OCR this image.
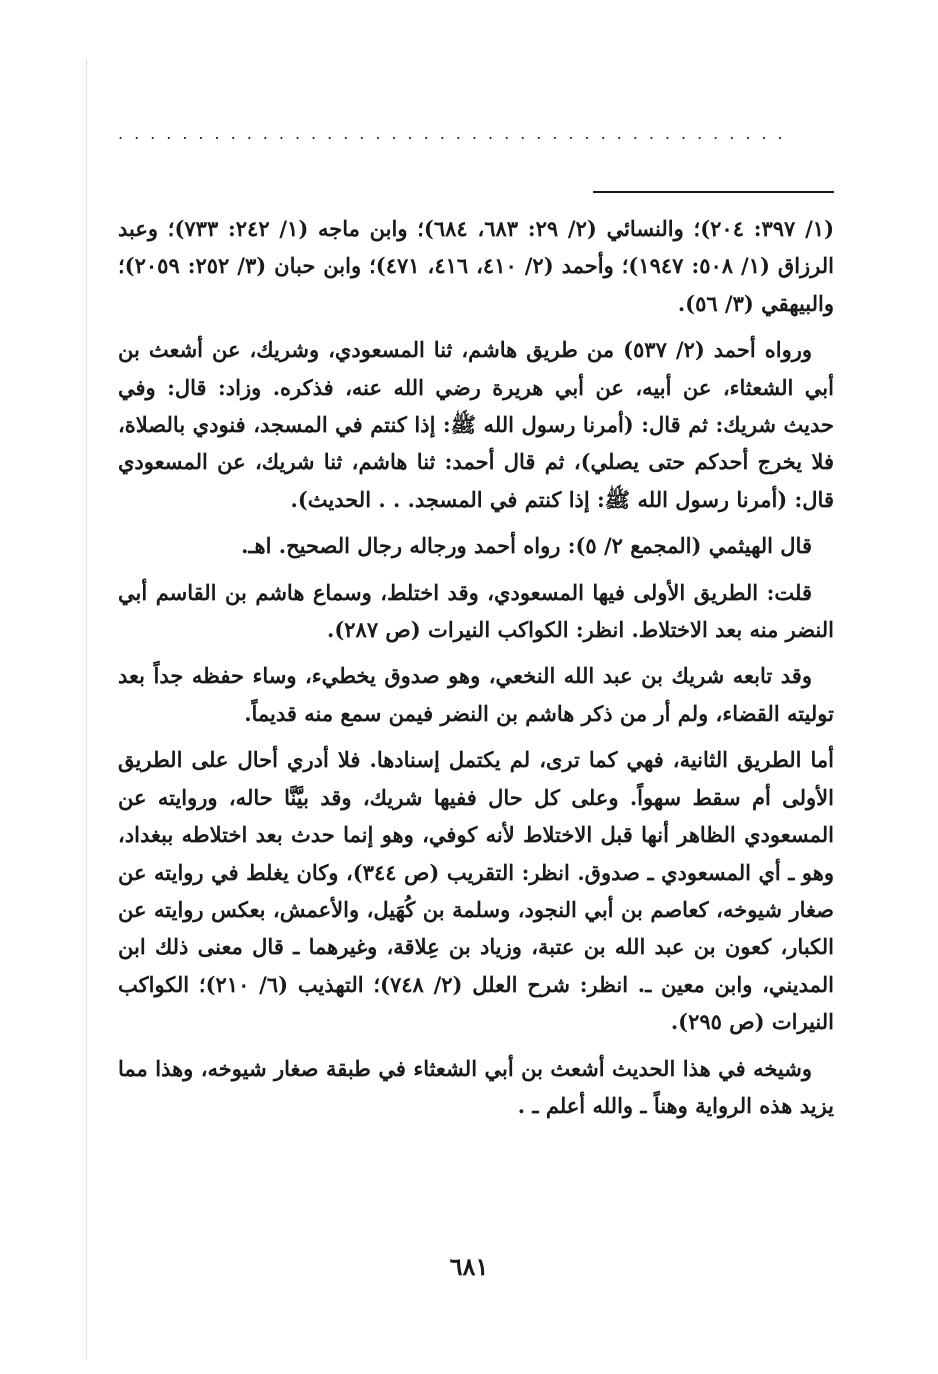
..........................................

(١/ ٣٩٧: ٢٠٤)؛ والنسائي (٢/ ٢٩: ٦٨٣، ٦٨٤)؛ وابن ماجه (١/ ٢٤٢: ٧٣٣)؛ وعبد الرزاق (١/ ٥٠٨: ١٩٤٧)؛ وأحمد (٢/ ٤١٠، ٤١٦، ٤٧١)؛ وابن حبان (٣/ ٢٥٢: ٢٠٥٩)؛ والبيهقي (٣/ ٥٦).

ورواه أحمد (٢/ ٥٣٧) من طريق هاشم، ثنا المسعودي، وشريك، عن أشعث بن أبي الشعثاء، عن أبيه، عن أبي هريرة رضي الله عنه، فذكره. وزاد: قال: وفي حديث شريك: ثم قال: (أمرنا رسول الله ﷺ: إذا كنتم في المسجد، فنودي بالصلاة، فلا يخرج أحدكم حتى يصلي)، ثم قال أحمد: ثنا هاشم، ثنا شريك، عن المسعودي قال: (أمرنا رسول الله ﷺ: إذا كنتم في المسجد. . . الحديث).

قال الهيثمي (المجمع ٢/ ٥): رواه أحمد ورجاله رجال الصحيح. اهـ.

قلت: الطريق الأولى فيها المسعودي، وقد اختلط، وسماع هاشم بن القاسم أبي النضر منه بعد الاختلاط. انظر: الكواكب النيرات (ص ٢٨٧).

وقد تابعه شريك بن عبد الله النخعي، وهو صدوق يخطيء، وساء حفظه جداً بعد توليته القضاء، ولم أر من ذكر هاشم بن النضر فيمن سمع منه قديماً.

أما الطريق الثانية، فهي كما ترى، لم يكتمل إسنادها. فلا أدري أحال على الطريق الأولى أم سقط سهواً. وعلى كل حال ففيها شريك، وقد بيَّنَّا حاله، وروايته عن المسعودي الظاهر أنها قبل الاختلاط لأنه كوفي، وهو إنما حدث بعد اختلاطه ببغداد، وهو ـ أي المسعودي ـ صدوق. انظر: التقريب (ص ٣٤٤)، وكان يغلط في روايته عن صغار شيوخه، كعاصم بن أبي النجود، وسلمة بن كُهَيل، والأعمش، بعكس روايته عن الكبار، كعون بن عبد الله بن عتبة، وزياد بن عِلاقة، وغيرهما ـ قال معنى ذلك ابن المديني، وابن معين ـ. انظر: شرح العلل (٢/ ٧٤٨)؛ التهذيب (٦/ ٢١٠)؛ الكواكب النيرات (ص ٢٩٥).

وشيخه في هذا الحديث أشعث بن أبي الشعثاء في طبقة صغار شيوخه، وهذا مما يزيد هذه الرواية وهناً ـ والله أعلم ـ .

٦٨١
